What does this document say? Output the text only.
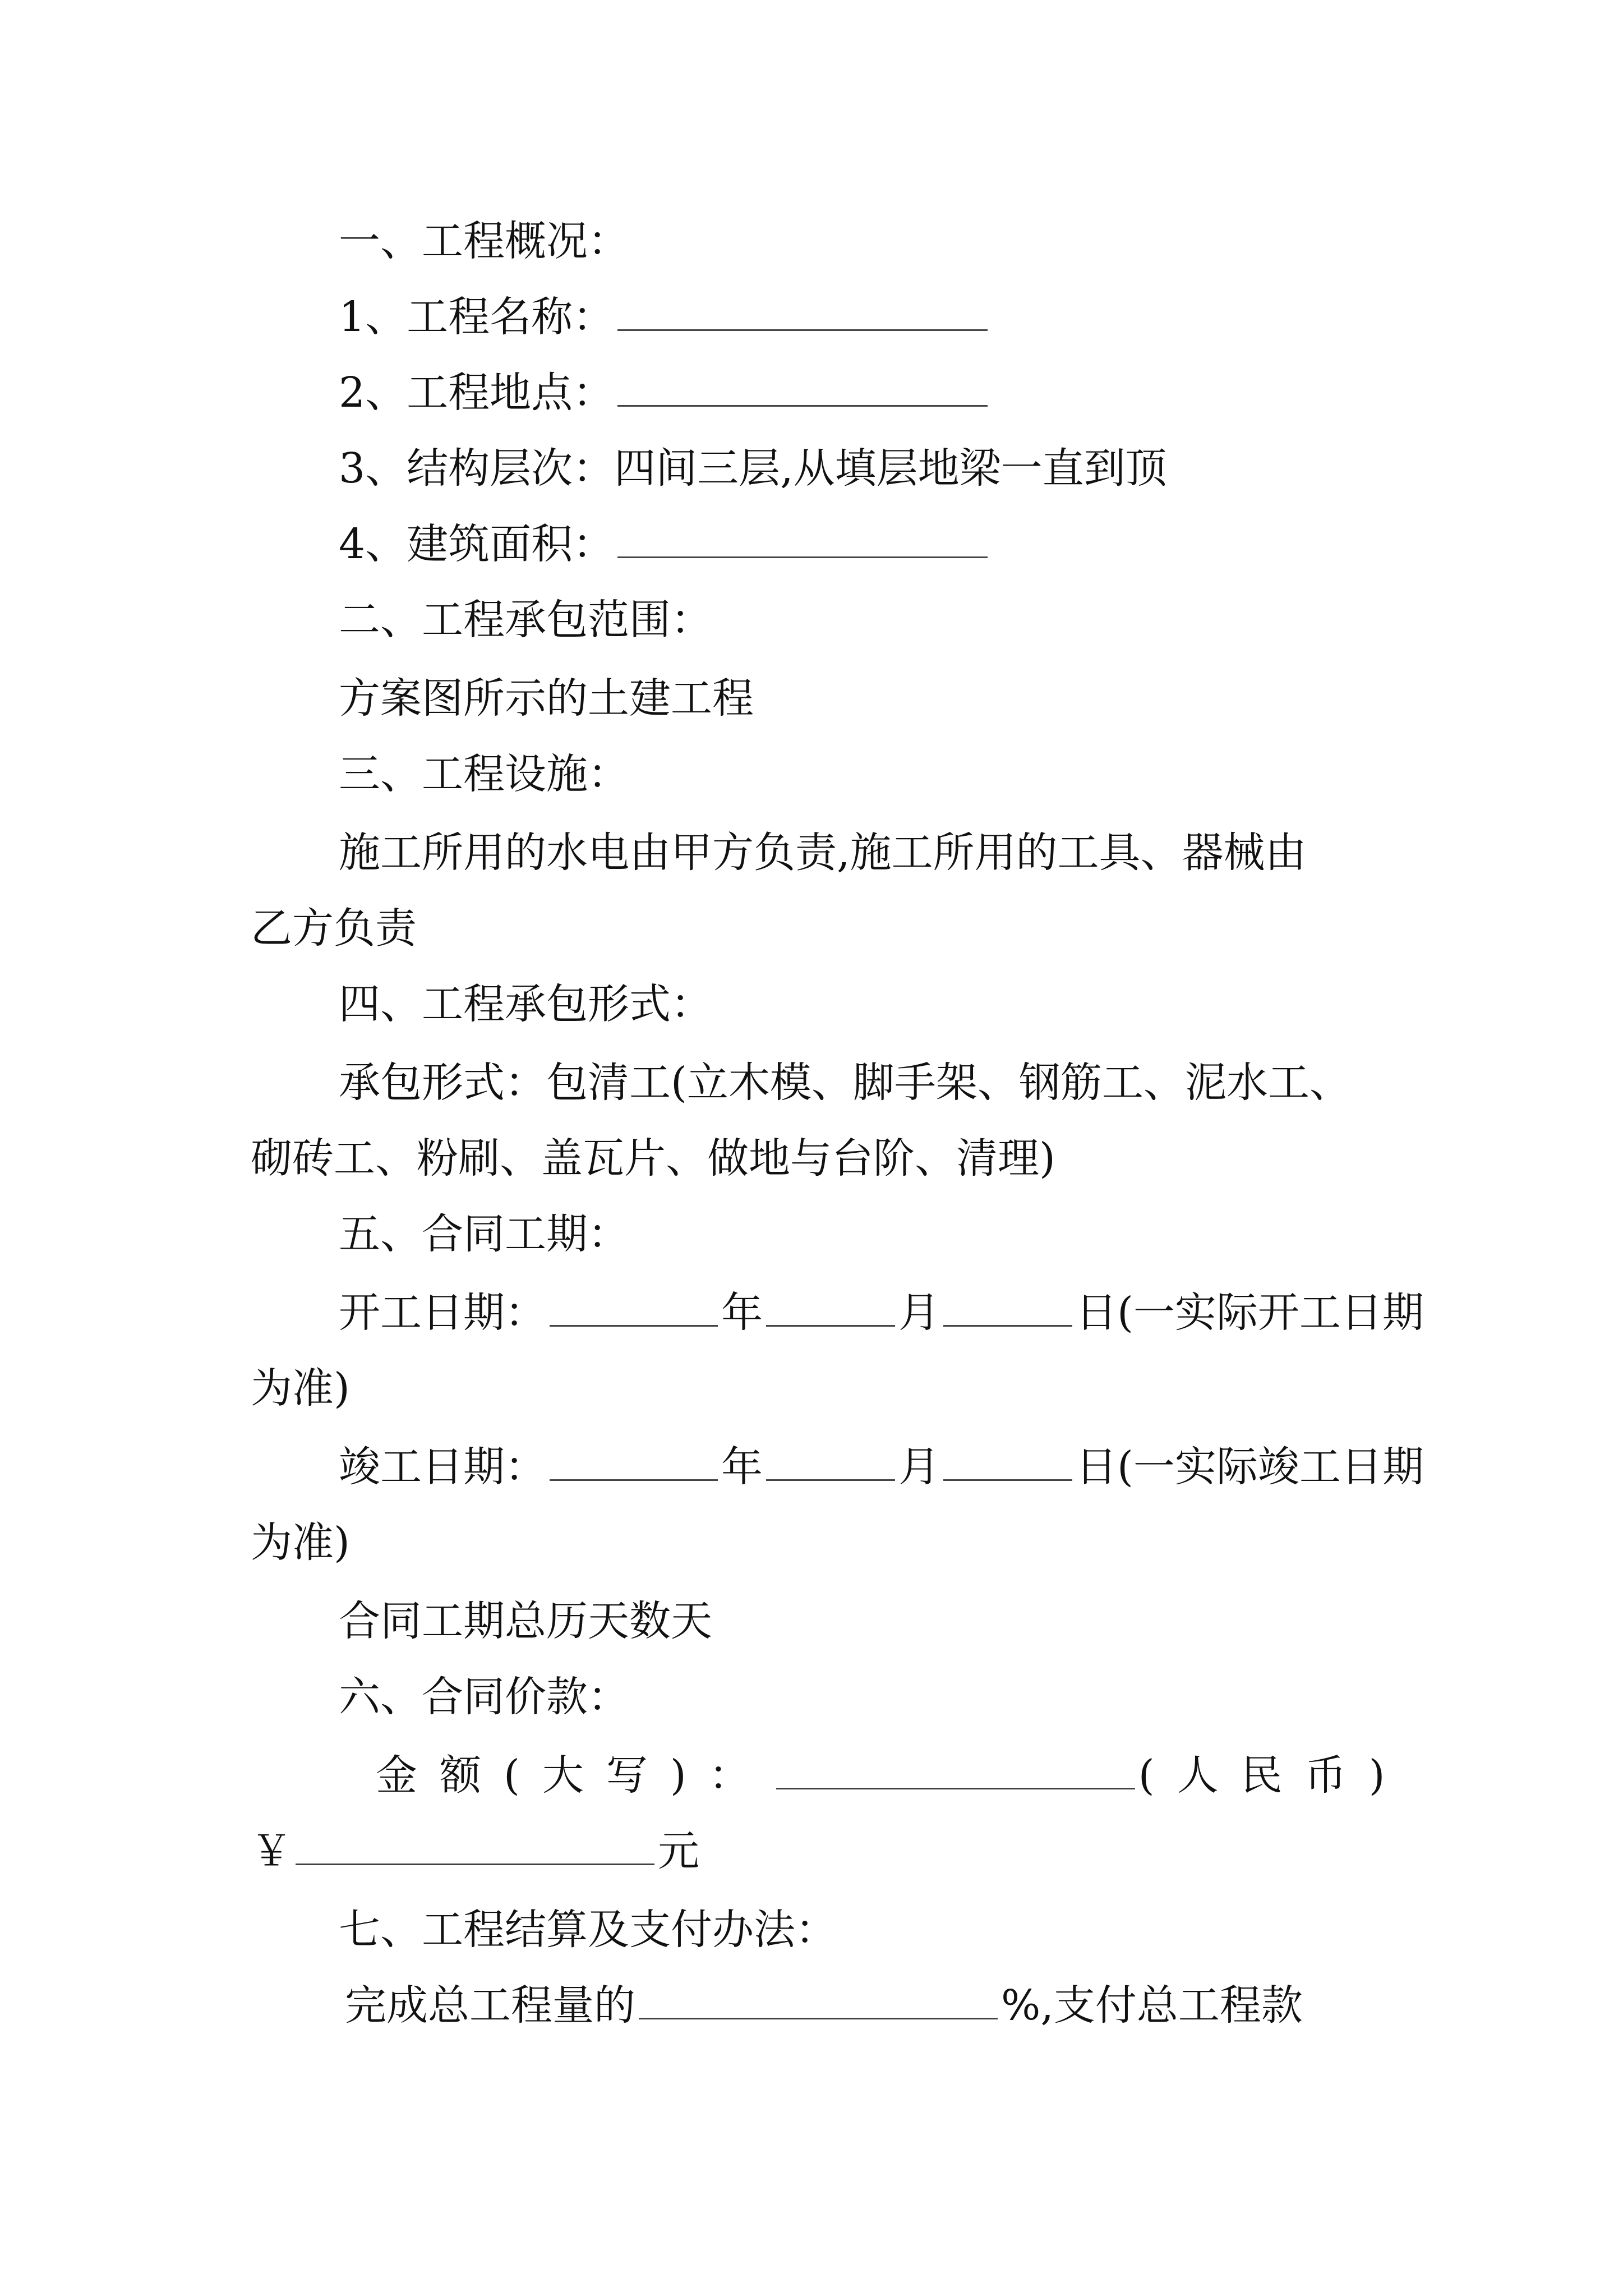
一、工程概况：
1、工程名称：
2、工程地点：
3、结构层次：四间三层,从填层地梁一直到顶
4、建筑面积：
二、工程承包范围：
方案图所示的土建工程
三、工程设施：
施工所用的水电由甲方负责,施工所用的工具、器械由
乙方负责
四、工程承包形式：
承包形式：包清工(立木模、脚手架、钢筋工、泥水工、
砌砖工、粉刷、盖瓦片、做地与台阶、清理)
五、合同工期：
开工日期：	年	月	日(一实际开工日期
为准)
竣工日期：	年	月	日(一实际竣工日期
为准)
合同工期总历天数天
六、合同价款：
金额(大写)：	(人民币)
￥	元
七、工程结算及支付办法：
完成总工程量的	%,支付总工程款
